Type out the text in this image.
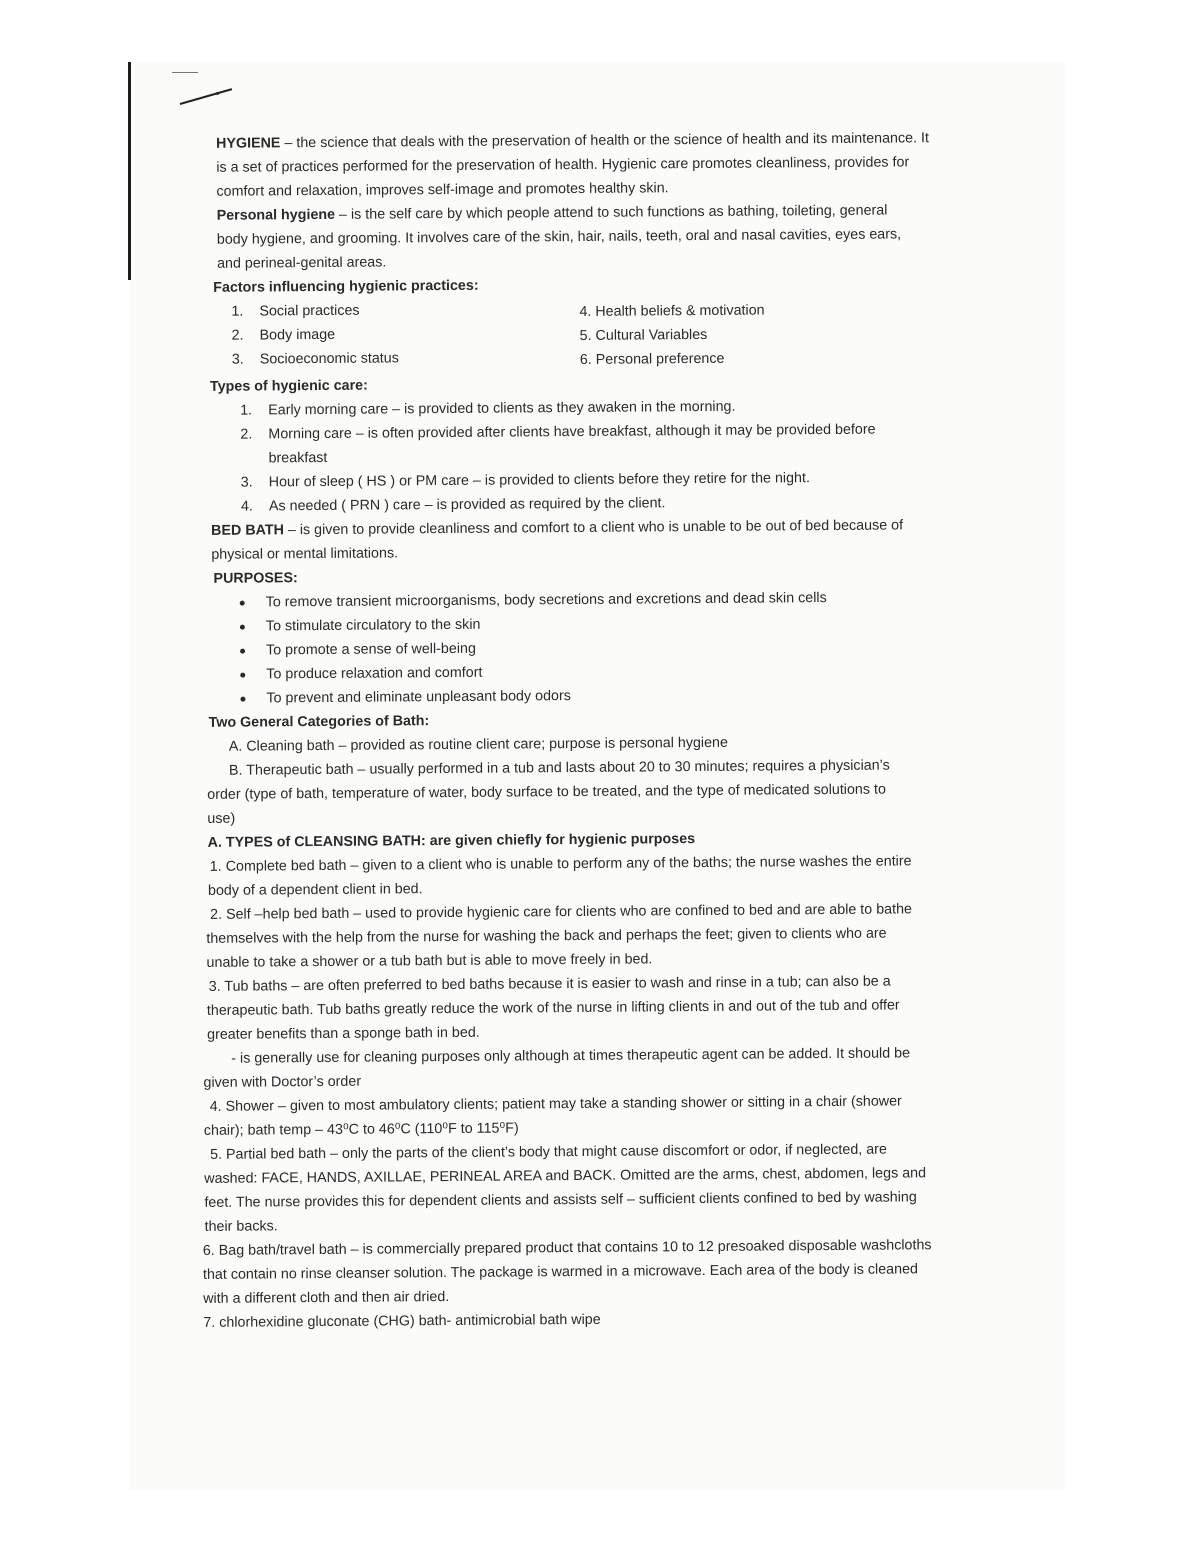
HYGIENE – the science that deals with the preservation of health or the science of health and its maintenance. It is a set of practices performed for the preservation of health. Hygienic care promotes cleanliness, provides for comfort and relaxation, improves self-image and promotes healthy skin.

Personal hygiene – is the self care by which people attend to such functions as bathing, toileting, general body hygiene, and grooming. It involves care of the skin, hair, nails, teeth, oral and nasal cavities, eyes ears, and perineal-genital areas.

Factors influencing hygienic practices:

1. Social practices
2. Body image
3. Socioeconomic status
4. Health beliefs & motivation
5. Cultural Variables
6. Personal preference

Types of hygienic care:

1.	Early morning care – is provided to clients as they awaken in the morning.
2.	Morning care – is often provided after clients have breakfast, although it may be provided before breakfast
3.	Hour of sleep ( HS ) or PM care – is provided to clients before they retire for the night.
4.	As needed ( PRN ) care – is provided as required by the client.

BED BATH – is given to provide cleanliness and comfort to a client who is unable to be out of bed because of physical or mental limitations.

PURPOSES:

To remove transient microorganisms, body secretions and excretions and dead skin cells
To stimulate circulatory to the skin
To promote a sense of well-being
To produce relaxation and comfort
To prevent and eliminate unpleasant body odors

Two General Categories of Bath:

A. Cleaning bath – provided as routine client care; purpose is personal hygiene

B. Therapeutic bath – usually performed in a tub and lasts about 20 to 30 minutes; requires a physician’s order (type of bath, temperature of water, body surface to be treated, and the type of medicated solutions to use)

A. TYPES of CLEANSING BATH: are given chiefly for hygienic purposes

1. Complete bed bath – given to a client who is unable to perform any of the baths; the nurse washes the entire body of a dependent client in bed.

2. Self –help bed bath – used to provide hygienic care for clients who are confined to bed and are able to bathe themselves with the help from the nurse for washing the back and perhaps the feet; given to clients who are unable to take a shower or a tub bath but is able to move freely in bed.

3. Tub baths – are often preferred to bed baths because it is easier to wash and rinse in a tub; can also be a therapeutic bath. Tub baths greatly reduce the work of the nurse in lifting clients in and out of the tub and offer greater benefits than a sponge bath in bed.

- is generally use for cleaning purposes only although at times therapeutic agent can be added. It should be given with Doctor’s order

4. Shower – given to most ambulatory clients; patient may take a standing shower or sitting in a chair (shower chair); bath temp – 43⁰C to 46⁰C (110⁰F to 115⁰F)

5. Partial bed bath – only the parts of the client’s body that might cause discomfort or odor, if neglected, are washed: FACE, HANDS, AXILLAE, PERINEAL AREA and BACK. Omitted are the arms, chest, abdomen, legs and feet. The nurse provides this for dependent clients and assists self – sufficient clients confined to bed by washing their backs.

6. Bag bath/travel bath – is commercially prepared product that contains 10 to 12 presoaked disposable washcloths that contain no rinse cleanser solution. The package is warmed in a microwave. Each area of the body is cleaned with a different cloth and then air dried.

7. chlorhexidine gluconate (CHG) bath- antimicrobial bath wipe
